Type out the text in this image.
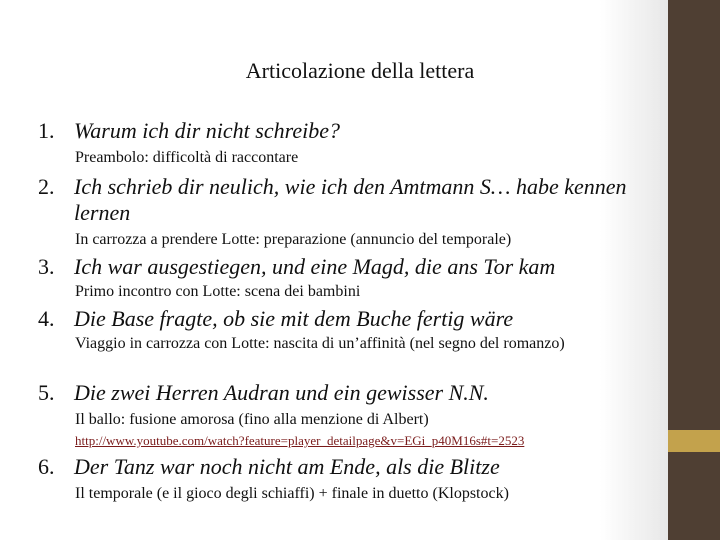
Articolazione della lettera
1. Warum ich dir nicht schreibe?
Preambolo: difficoltà di raccontare
2. Ich schrieb dir neulich, wie ich den Amtmann S… habe kennen lernen
In carrozza a prendere Lotte: preparazione (annuncio del temporale)
3. Ich war ausgestiegen, und eine Magd, die ans Tor kam
Primo incontro con Lotte: scena dei bambini
4. Die Base fragte, ob sie mit dem Buche fertig wäre
Viaggio in carrozza con Lotte: nascita di un’affinità (nel segno del romanzo)
5. Die zwei Herren Audran und ein gewisser N.N.
Il ballo: fusione amorosa (fino alla menzione di Albert)
http://www.youtube.com/watch?feature=player_detailpage&v=EGi_p40M16s#t=2523
6. Der Tanz war noch nicht am Ende, als die Blitze
Il temporale (e il gioco degli schiaffi) + finale in duetto (Klopstock)
